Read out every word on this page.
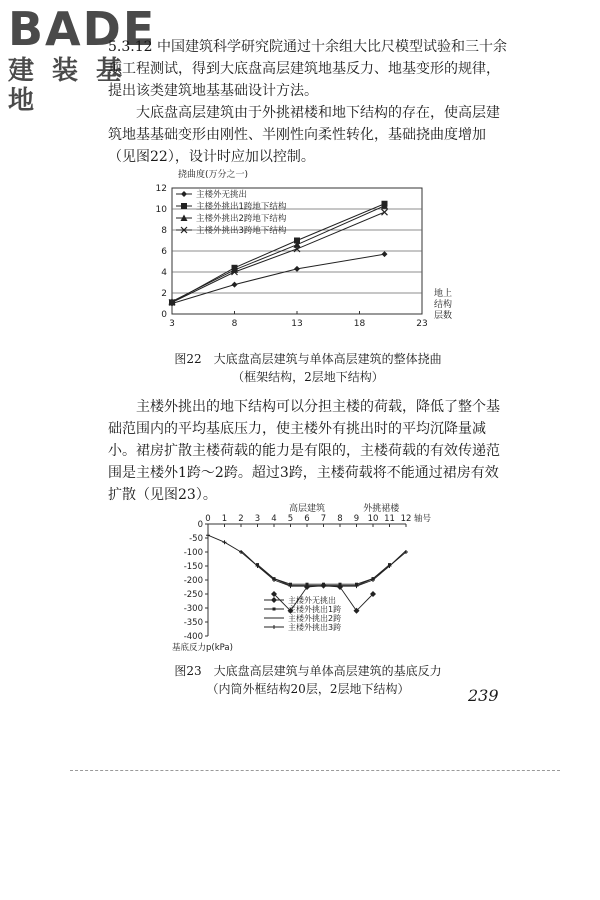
BADE
建装基地

5.3.12 中国建筑科学研究院通过十余组大比尺模型试验和三十余项工程测试，得到大底盘高层建筑地基反力、地基变形的规律，提出该类建筑地基基础设计方法。

大底盘高层建筑由于外挑裙楼和地下结构的存在，使高层建筑地基基础变形由刚性、半刚性向柔性转化，基础挠曲度增加（见图22），设计时应加以控制。

挠曲度(万分之一)
0
2
4
6
8
10
12
3	8	13	18	23
地上
结构
层数
主楼外无挑出
主楼外挑出1跨地下结构
主楼外挑出2跨地下结构
主楼外挑出3跨地下结构

图22　大底盘高层建筑与单体高层建筑的整体挠曲

（框架结构，2层地下结构）

主楼外挑出的地下结构可以分担主楼的荷载，降低了整个基础范围内的平均基底压力，使主楼外有挑出时的平均沉降量减小。 裙房扩散主楼荷载的能力是有限的，主楼荷载的有效传递范围是主楼外1跨～2跨。超过3跨，主楼荷载将不能通过裙房有效扩散（见图23）。

高层建筑	外挑裙楼
0 1 2 3 4 5 6 7 8 9 10 11 12 轴号
0
-50
-100
-150
-200
-250
-300
-350
-400
基底反力p(kPa)
主楼外无挑出
主楼外挑出1跨
主楼外挑出2跨
主楼外挑出3跨

图23　大底盘高层建筑与单体高层建筑的基底反力

（内筒外框结构20层，2层地下结构）	239
